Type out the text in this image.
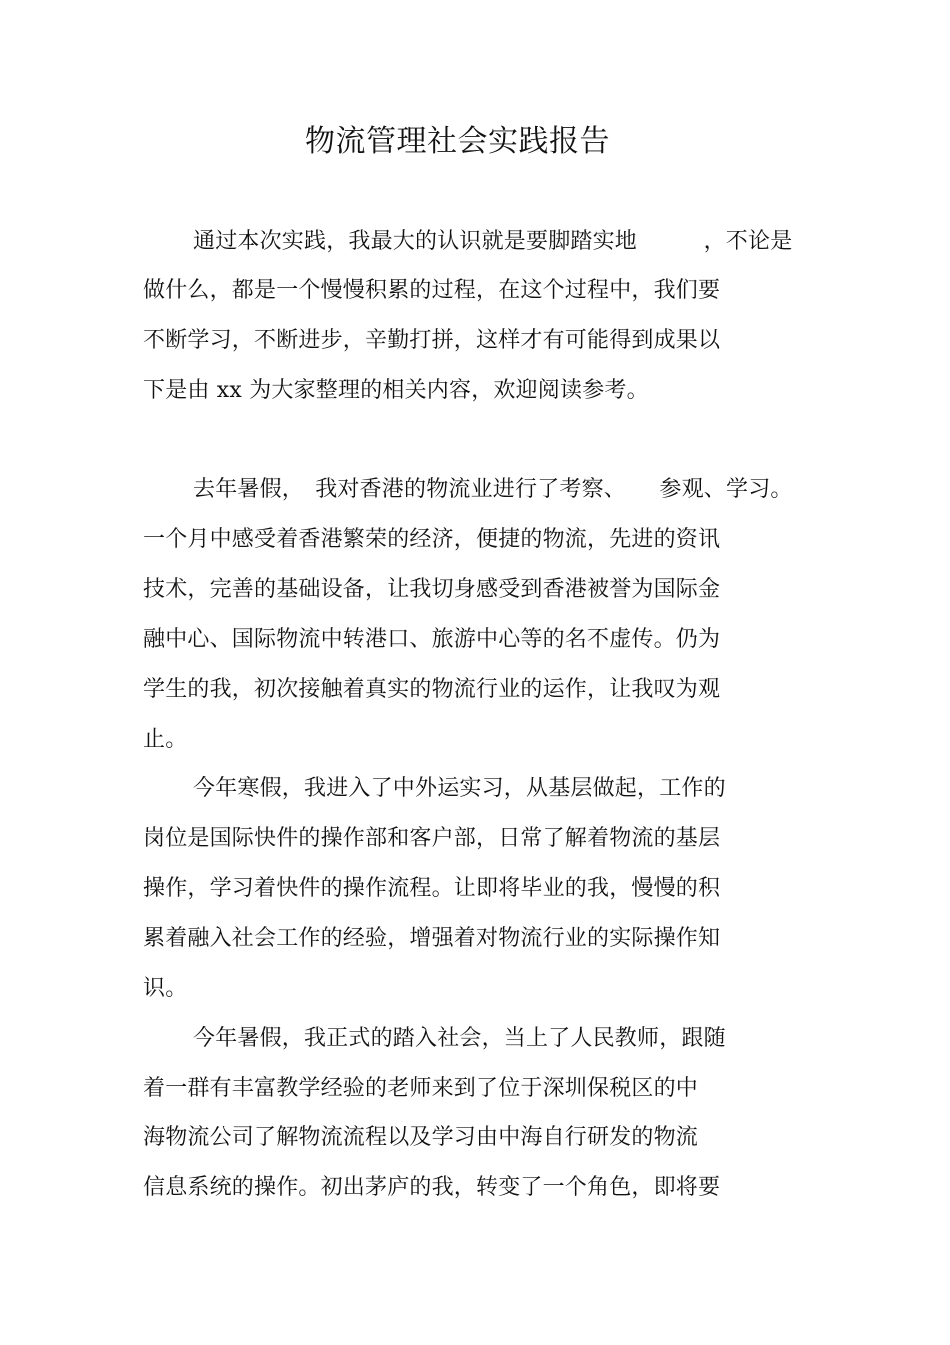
物流管理社会实践报告
通过本次实践，我最大的认识就是要脚踏实地　　　，不论是
做什么，都是一个慢慢积累的过程，在这个过程中，我们要
不断学习，不断进步，辛勤打拼，这样才有可能得到成果以
下是由 xx 为大家整理的相关内容，欢迎阅读参考。
去年暑假，　我对香港的物流业进行了考察、　　参观、学习。
一个月中感受着香港繁荣的经济，便捷的物流，先进的资讯
技术，完善的基础设备，让我切身感受到香港被誉为国际金
融中心、国际物流中转港口、旅游中心等的名不虚传。仍为
学生的我，初次接触着真实的物流行业的运作，让我叹为观
止。
今年寒假，我进入了中外运实习，从基层做起，工作的
岗位是国际快件的操作部和客户部，日常了解着物流的基层
操作，学习着快件的操作流程。让即将毕业的我，慢慢的积
累着融入社会工作的经验，增强着对物流行业的实际操作知
识。
今年暑假，我正式的踏入社会，当上了人民教师，跟随
着一群有丰富教学经验的老师来到了位于深圳保税区的中
海物流公司了解物流流程以及学习由中海自行研发的物流
信息系统的操作。初出茅庐的我，转变了一个角色，即将要
